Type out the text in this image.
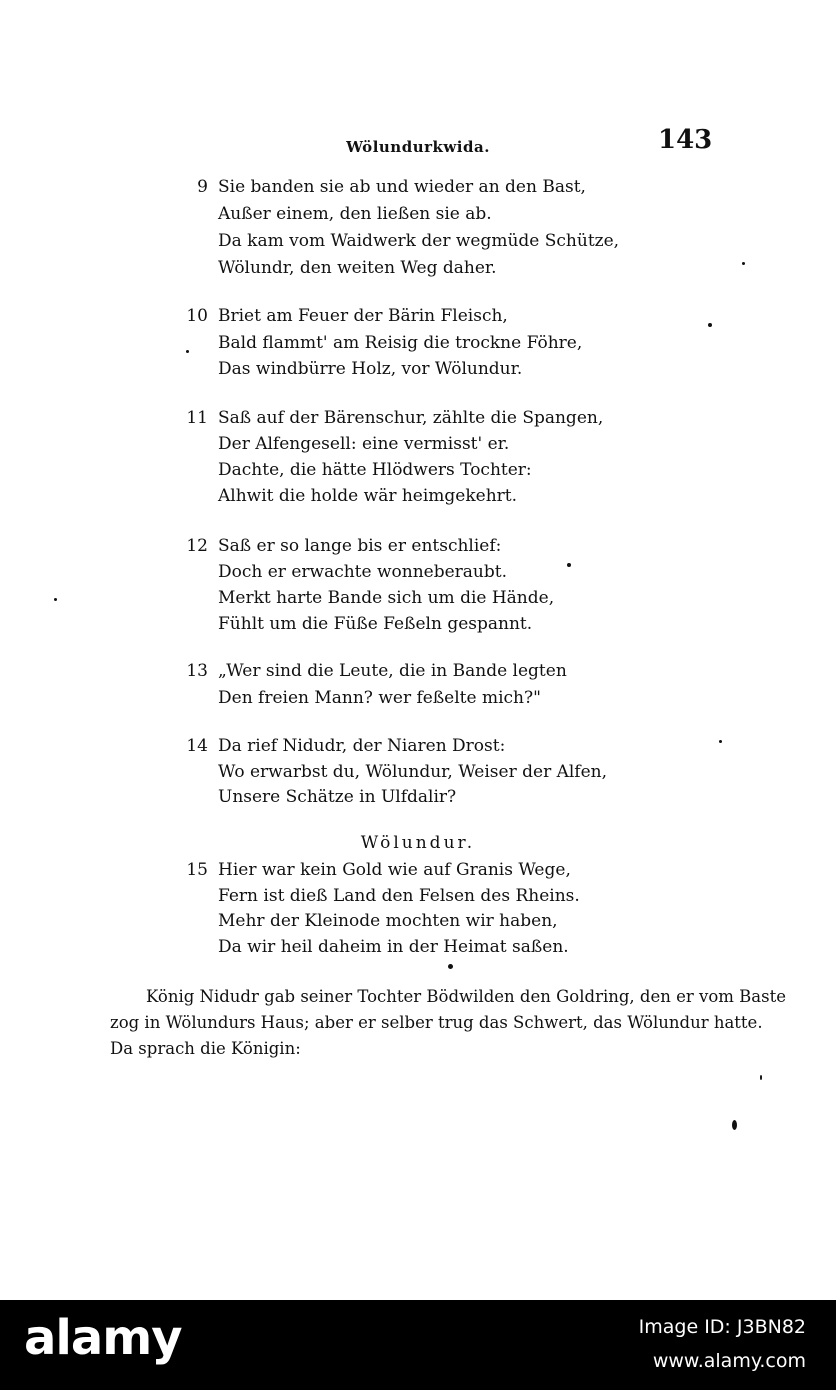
Wölundurkwida.	143
9 Sie banden sie ab und wieder an den Bast,
Außer einem, den ließen sie ab.
Da kam vom Waidwerk der wegmüde Schütze,
Wölundr, den weiten Weg daher.
10 Briet am Feuer der Bärin Fleisch,
Bald flammt' am Reisig die trockne Föhre,
Das windbürre Holz, vor Wölundur.
11 Saß auf der Bärenschur, zählte die Spangen,
Der Alfengesell: eine vermisst' er.
Dachte, die hätte Hlödwers Tochter:
Alhwit die holde wär heimgekehrt.
12 Saß er so lange bis er entschlief:
Doch er erwachte wonneberaubt.
Merkt harte Bande sich um die Hände,
Fühlt um die Füße Feßeln gespannt.
13 „Wer sind die Leute, die in Bande legten
Den freien Mann? wer feßelte mich?"
14 Da rief Nidudr, der Niaren Drost:
Wo erwarbst du, Wölundur, Weiser der Alfen,
Unsere Schätze in Ulfdalir?
Wölundur.
15 Hier war kein Gold wie auf Granis Wege,
Fern ist dieß Land den Felsen des Rheins.
Mehr der Kleinode mochten wir haben,
Da wir heil daheim in der Heimat saßen.
König Nidudr gab seiner Tochter Bödwilden den Goldring, den er vom Baste
zog in Wölundurs Haus; aber er selber trug das Schwert, das Wölundur hatte.
Da sprach die Königin:
alamy	Image ID: J3BN82
www.alamy.com
